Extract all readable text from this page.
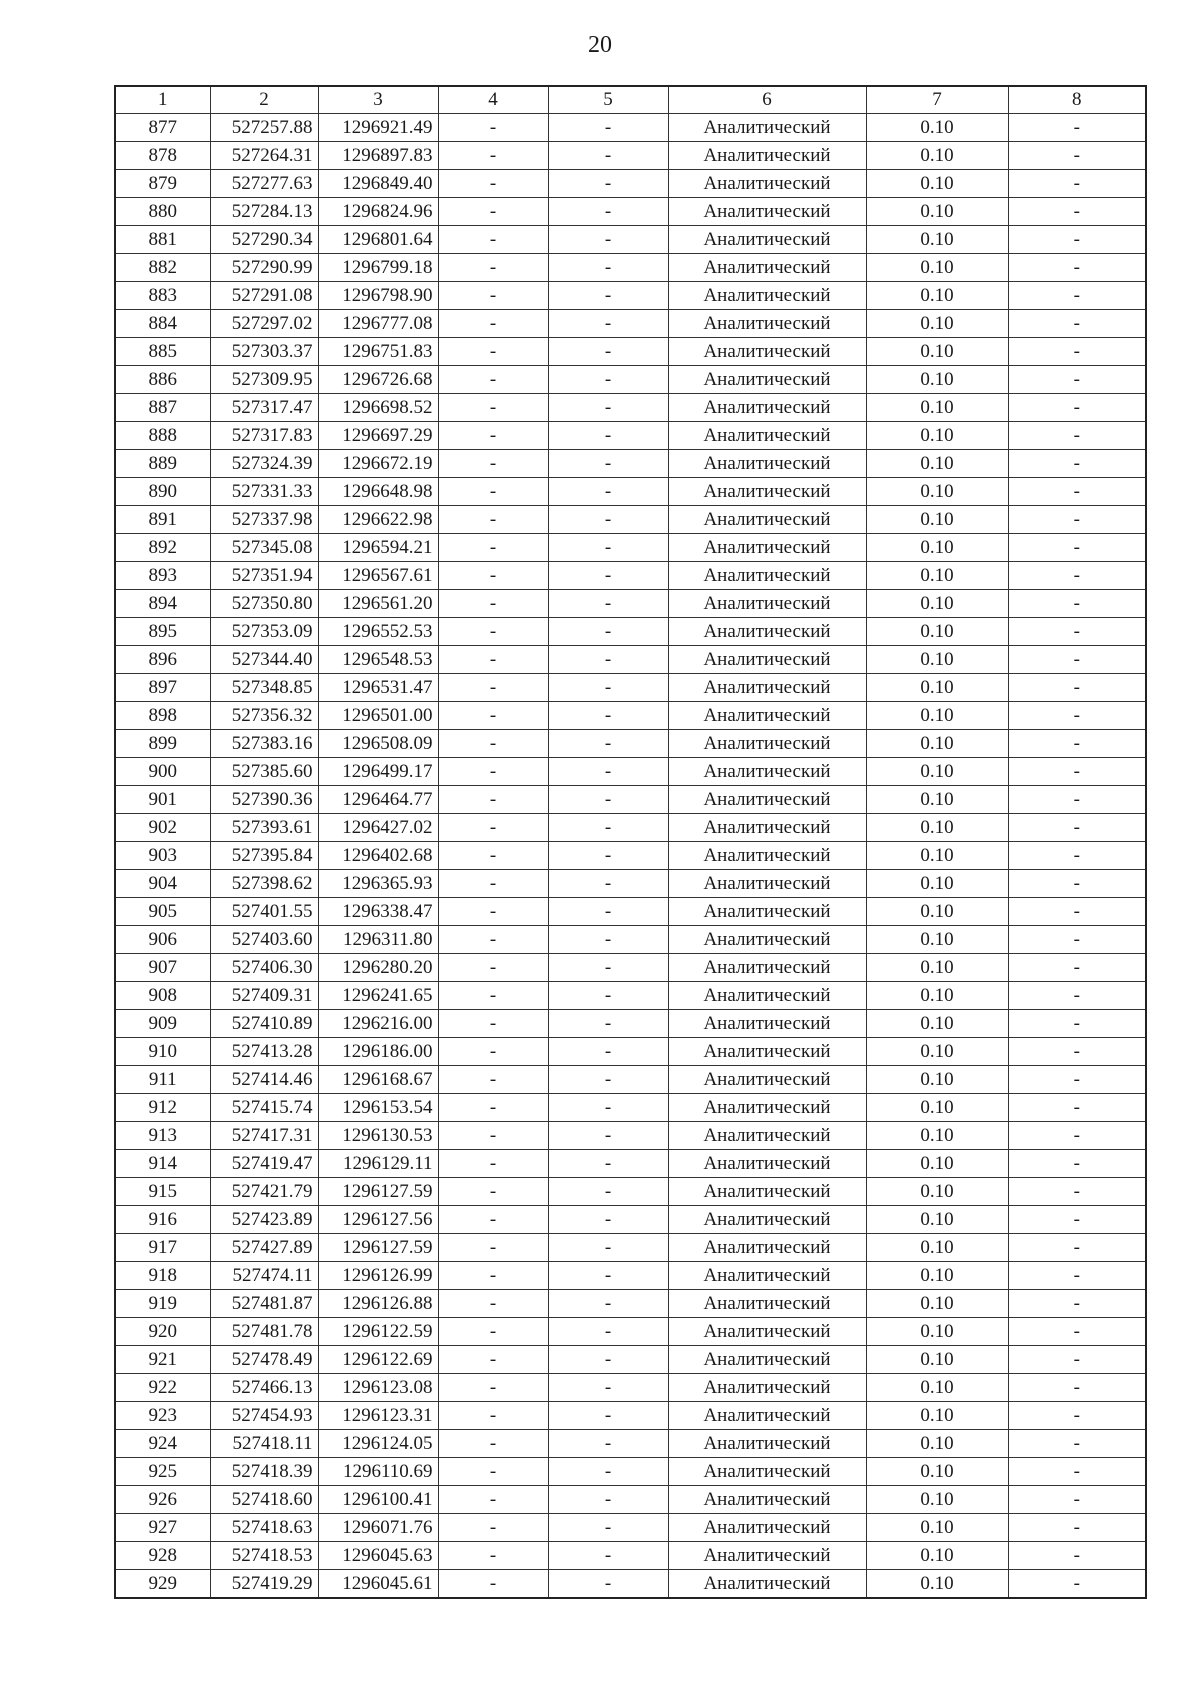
20
1	2	3	4	5	6	7	8
877	527257.88	1296921.49	-	-	Аналитический	0.10	-
878	527264.31	1296897.83	-	-	Аналитический	0.10	-
879	527277.63	1296849.40	-	-	Аналитический	0.10	-
880	527284.13	1296824.96	-	-	Аналитический	0.10	-
881	527290.34	1296801.64	-	-	Аналитический	0.10	-
882	527290.99	1296799.18	-	-	Аналитический	0.10	-
883	527291.08	1296798.90	-	-	Аналитический	0.10	-
884	527297.02	1296777.08	-	-	Аналитический	0.10	-
885	527303.37	1296751.83	-	-	Аналитический	0.10	-
886	527309.95	1296726.68	-	-	Аналитический	0.10	-
887	527317.47	1296698.52	-	-	Аналитический	0.10	-
888	527317.83	1296697.29	-	-	Аналитический	0.10	-
889	527324.39	1296672.19	-	-	Аналитический	0.10	-
890	527331.33	1296648.98	-	-	Аналитический	0.10	-
891	527337.98	1296622.98	-	-	Аналитический	0.10	-
892	527345.08	1296594.21	-	-	Аналитический	0.10	-
893	527351.94	1296567.61	-	-	Аналитический	0.10	-
894	527350.80	1296561.20	-	-	Аналитический	0.10	-
895	527353.09	1296552.53	-	-	Аналитический	0.10	-
896	527344.40	1296548.53	-	-	Аналитический	0.10	-
897	527348.85	1296531.47	-	-	Аналитический	0.10	-
898	527356.32	1296501.00	-	-	Аналитический	0.10	-
899	527383.16	1296508.09	-	-	Аналитический	0.10	-
900	527385.60	1296499.17	-	-	Аналитический	0.10	-
901	527390.36	1296464.77	-	-	Аналитический	0.10	-
902	527393.61	1296427.02	-	-	Аналитический	0.10	-
903	527395.84	1296402.68	-	-	Аналитический	0.10	-
904	527398.62	1296365.93	-	-	Аналитический	0.10	-
905	527401.55	1296338.47	-	-	Аналитический	0.10	-
906	527403.60	1296311.80	-	-	Аналитический	0.10	-
907	527406.30	1296280.20	-	-	Аналитический	0.10	-
908	527409.31	1296241.65	-	-	Аналитический	0.10	-
909	527410.89	1296216.00	-	-	Аналитический	0.10	-
910	527413.28	1296186.00	-	-	Аналитический	0.10	-
911	527414.46	1296168.67	-	-	Аналитический	0.10	-
912	527415.74	1296153.54	-	-	Аналитический	0.10	-
913	527417.31	1296130.53	-	-	Аналитический	0.10	-
914	527419.47	1296129.11	-	-	Аналитический	0.10	-
915	527421.79	1296127.59	-	-	Аналитический	0.10	-
916	527423.89	1296127.56	-	-	Аналитический	0.10	-
917	527427.89	1296127.59	-	-	Аналитический	0.10	-
918	527474.11	1296126.99	-	-	Аналитический	0.10	-
919	527481.87	1296126.88	-	-	Аналитический	0.10	-
920	527481.78	1296122.59	-	-	Аналитический	0.10	-
921	527478.49	1296122.69	-	-	Аналитический	0.10	-
922	527466.13	1296123.08	-	-	Аналитический	0.10	-
923	527454.93	1296123.31	-	-	Аналитический	0.10	-
924	527418.11	1296124.05	-	-	Аналитический	0.10	-
925	527418.39	1296110.69	-	-	Аналитический	0.10	-
926	527418.60	1296100.41	-	-	Аналитический	0.10	-
927	527418.63	1296071.76	-	-	Аналитический	0.10	-
928	527418.53	1296045.63	-	-	Аналитический	0.10	-
929	527419.29	1296045.61	-	-	Аналитический	0.10	-
